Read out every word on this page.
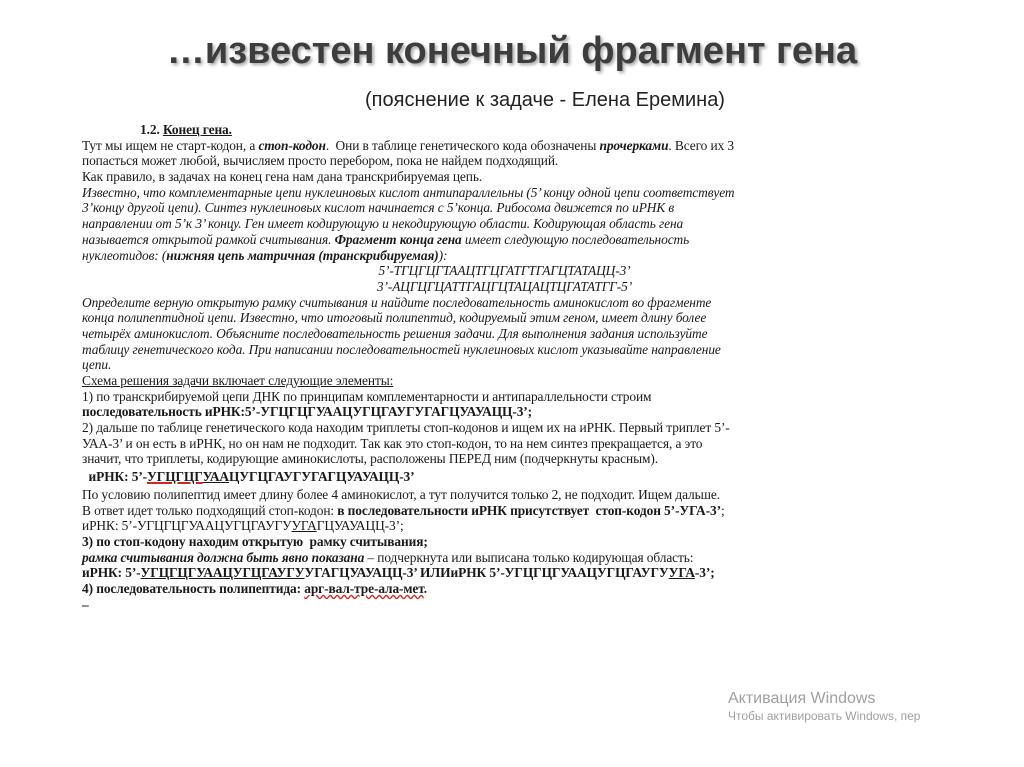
…известен конечный фрагмент гена

(пояснение к задаче - Елена Еремина)

1.2. Конец гена.
Тут мы ищем не старт-кодон, а стоп-кодон.  Они в таблице генетического кода обозначены прочерками. Всего их 3
попасться может любой, вычисляем просто перебором, пока не найдем подходящий.
Как правило, в задачах на конец гена нам дана транскрибируемая цепь.
Известно, что комплементарные цепи нуклеиновых кислот антипараллельны (5’ концу одной цепи соответствует
3’концу другой цепи). Синтез нуклеиновых кислот начинается с 5’конца. Рибосома движется по иРНК в
направлении от 5’к 3’ концу. Ген имеет кодирующую и некодирующую области. Кодирующая область гена
называется открытой рамкой считывания. Фрагмент конца гена имеет следующую последовательность
нуклеотидов: (нижняя цепь матричная (транскрибируемая)):
5’-ТГЦГЦГТААЦТГЦГАТГТГАГЦТАТАЦЦ-3’
3’-АЦГЦГЦАТТГАЦГЦТАЦАЦТЦГАТАТГГ-5’
Определите верную открытую рамку считывания и найдите последовательность аминокислот во фрагменте
конца полипептидной цепи. Известно, что итоговый полипептид, кодируемый этим геном, имеет длину более
четырёх аминокислот. Объясните последовательность решения задачи. Для выполнения задания используйте
таблицу генетического кода. При написании последовательностей нуклеиновых кислот указывайте направление
цепи.
Схема решения задачи включает следующие элементы:
1) по транскрибируемой цепи ДНК по принципам комплементарности и антипараллельности строим
последовательность иРНК:5’-УГЦГЦГУААЦУГЦГАУГУГАГЦУАУАЦЦ-3’;
2) дальше по таблице генетического кода находим триплеты стоп-кодонов и ищем их на иРНК. Первый триплет 5’-
УАА-3’ и он есть в иРНК, но он нам не подходит. Так как это стоп-кодон, то на нем синтез прекращается, а это
значит, что триплеты, кодирующие аминокислоты, расположены ПЕРЕД ним (подчеркнуты красным).
иРНК: 5’-УГЦГЦГУААЦУГЦГАУГУГАГЦУАУАЦЦ-3’
По условию полипептид имеет длину более 4 аминокислот, а тут получится только 2, не подходит. Ищем дальше.
В ответ идет только подходящий стоп-кодон: в последовательности иРНК присутствует  стоп-кодон 5’-УГА-3’;
иРНК: 5’-УГЦГЦГУААЦУГЦГАУГУУГАГЦУАУАЦЦ-3’;
3) по стоп-кодону находим открытую  рамку считывания;
рамка считывания должна быть явно показана – подчеркнута или выписана только кодирующая область:
иРНК: 5’-УГЦГЦГУААЦУГЦГАУГУУГАГЦУАУАЦЦ-3’ ИЛИиРНК 5’-УГЦГЦГУААЦУГЦГАУГУУГА-3’;
4) последовательность полипептида: арг-вал-тре-ала-мет.
–
Активация Windows
Чтобы активировать Windows, пер
